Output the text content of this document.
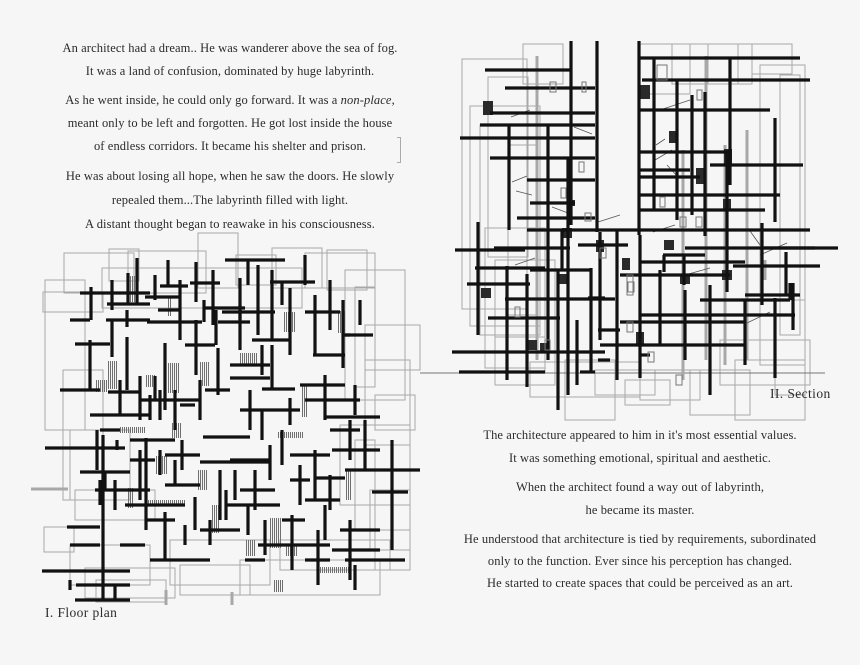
An architect had a dream.. He was wanderer above the sea of fog.
It was a land of confusion, dominated by huge labyrinth.
As he went inside, he could only go forward. It was a non-place,
meant only to be left and forgotten. He got lost inside the house
of endless corridors. It became his shelter and prison.
He was about losing all hope, when he saw the doors. He slowly
repealed them...The labyrinth filled with light.
A distant thought began to reawake in his consciousness.
I. Floor plan
II. Section
The architecture appeared to him in it's most essential values.
It was something emotional, spiritual and aesthetic.
When the architect found a way out of labyrinth,
he became its master.
He understood that architecture is tied by requirements, subordinated
only to the function. Ever since his perception has changed.
He started to create spaces that could be perceived as an art.
